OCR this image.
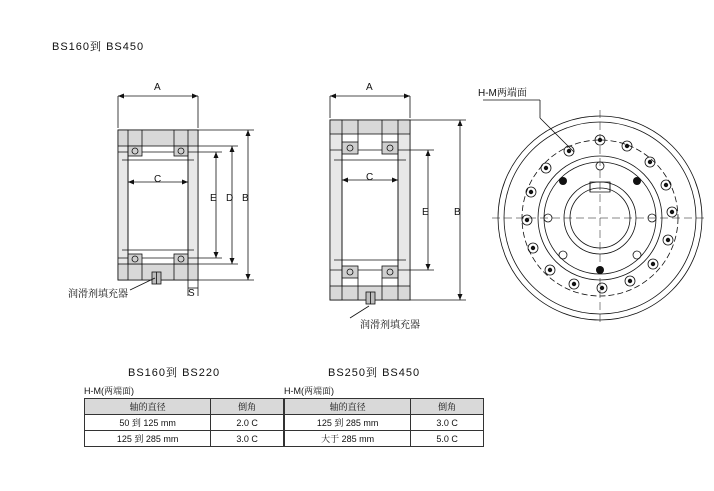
BS160到 BS450
A
C
E D B
S
润滑剂填充器
A
C
E	B
润滑剂填充器
H-M两端面
BS160到 BS220
H-M(两端面)
轴的直径	倒角
50 到 125 mm	2.0 C
125 到 285 mm	3.0 C
BS250到 BS450
H-M(两端面)
轴的直径	倒角
125 到 285 mm	3.0 C
大于 285 mm	5.0 C
